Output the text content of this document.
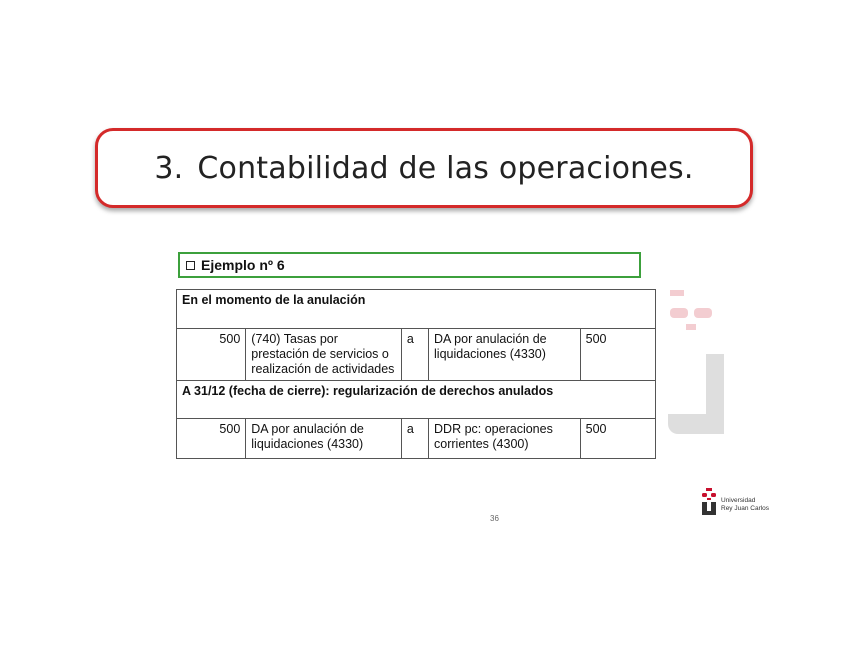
3. Contabilidad de las operaciones.
Ejemplo nº 6
En el momento de la anulación				
500	(740) Tasas por prestación de servicios o realización de actividades	a	DA por anulación de liquidaciones (4330)	500
A 31/12 (fecha de cierre): regularización de derechos anulados				
500	DA por anulación de liquidaciones (4330)	a	DDR pc: operaciones corrientes (4300)	500
36
Universidad
Rey Juan Carlos
